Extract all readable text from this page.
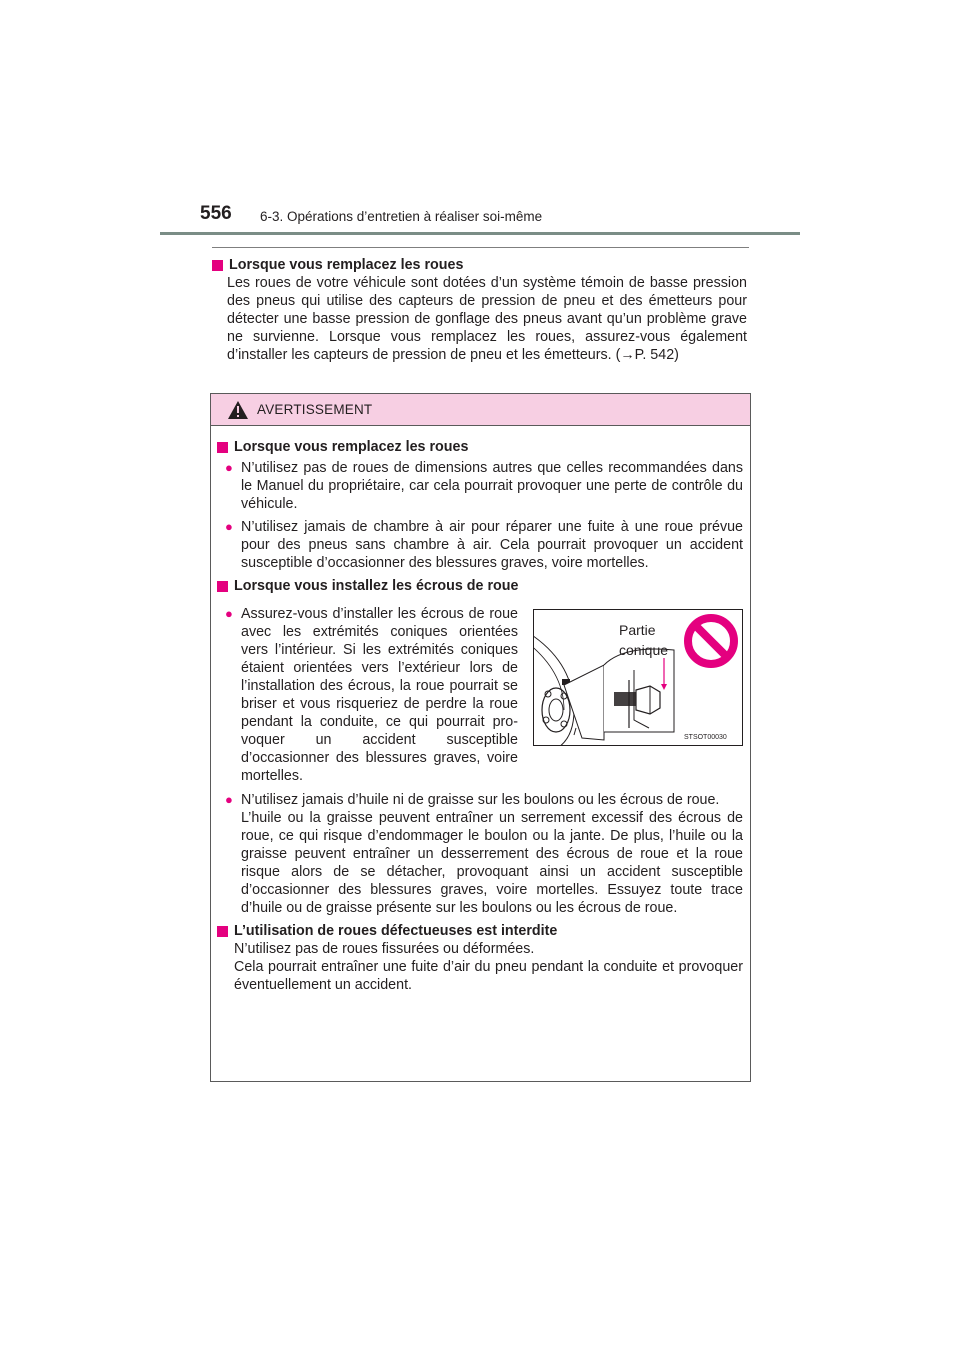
556 6-3. Opérations d’entretien à réaliser soi-même
Lorsque vous remplacez les roues

Les roues de votre véhicule sont dotées d’un système témoin de basse pression des pneus qui utilise des capteurs de pression de pneu et des émetteurs pour détecter une basse pression de gonflage des pneus avant qu’un problème grave ne survienne. Lorsque vous remplacez les roues, assurez-vous également d’installer les capteurs de pression de pneu et les émetteurs. (→P. 542)

AVERTISSEMENT
Lorsque vous remplacez les roues
● N’utilisez pas de roues de dimensions autres que celles recommandées dans le Manuel du propriétaire, car cela pourrait provoquer une perte de contrôle du véhicule.
● N’utilisez jamais de chambre à air pour réparer une fuite à une roue prévue pour des pneus sans chambre à air. Cela pourrait provoquer un accident susceptible d’occasionner des blessures graves, voire mortelles.
Lorsque vous installez les écrous de roue
● Assurez-vous d’installer les écrous de roue avec les extrémités coniques orientées vers l’intérieur. Si les extrémités coniques étaient orientées vers l’extérieur lors de l’installation des écrous, la roue pourrait se briser et vous risqueriez de perdre la roue pendant la conduite, ce qui pourrait provoquer un accident susceptible d’occasionner des blessures graves, voire mortelles.
Partie
conique
STSOT00030
● N’utilisez jamais d’huile ni de graisse sur les boulons ou les écrous de roue.
L’huile ou la graisse peuvent entraîner un serrement excessif des écrous de roue, ce qui risque d’endommager le boulon ou la jante. De plus, l’huile ou la graisse peuvent entraîner un desserrement des écrous de roue et la roue risque alors de se détacher, provoquant ainsi un accident susceptible d’occasionner des blessures graves, voire mortelles. Essuyez toute trace d’huile ou de graisse présente sur les boulons ou les écrous de roue.
L’utilisation de roues défectueuses est interdite

N’utilisez pas de roues fissurées ou déformées.

Cela pourrait entraîner une fuite d’air du pneu pendant la conduite et provoquer éventuellement un accident.
